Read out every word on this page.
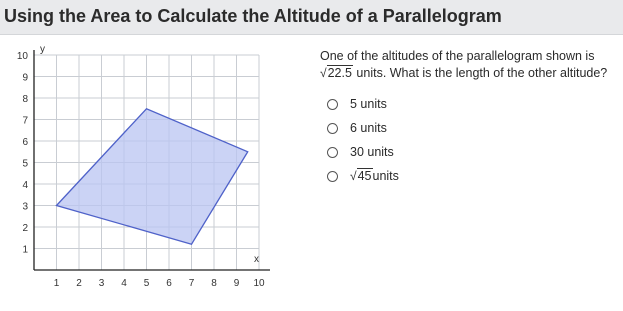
Using the Area to Calculate the Altitude of a Parallelogram
1 2 3 4 5 6 7 8 9 10
1
2
3
4
5
6
7
8
9
10
y
x
One of the altitudes of the parallelogram shown is
√22.5 units. What is the length of the other altitude?
5 units
6 units
30 units
√45 units
